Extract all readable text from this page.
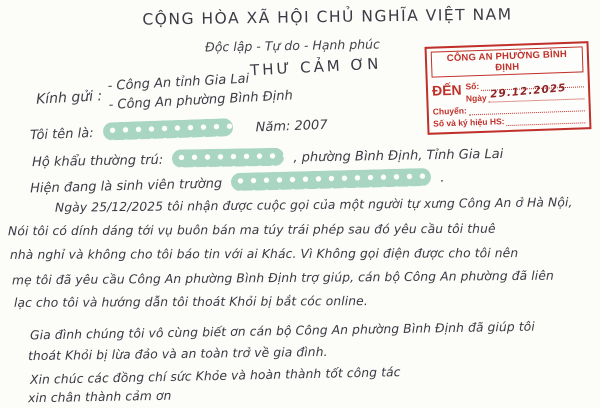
CỘNG HÒA XÃ HỘI CHỦ NGHĨA VIỆT NAM
Độc lập - Tự do - Hạnh phúc
CÔNG AN PHƯỜNG BÌNH ĐỊNH
ĐẾN Số:
Ngày 29.12.2025
Chuyển:
Số và ký hiệu HS:
THƯ CẢM ƠN
Kính gửi :
- Công An tỉnh Gia Lai
- Công An phường Bình Định
Tôi tên là:	Năm: 2007
Hộ khẩu thường trú:	, phường Bình Định, Tỉnh Gia Lai
Hiện đang là sinh viên trường	.
Ngày 25/12/2025 tôi nhận được cuộc gọi của một người tự xưng Công An ở Hà Nội,
Nói tôi có dính dáng tới vụ buôn bán ma túy trái phép sau đó yêu cầu tôi thuê
nhà nghỉ và không cho tôi báo tin với ai Khác. Vì Không gọi điện được cho tôi nên
mẹ tôi đã yêu cầu Công An phường Bình Định trợ giúp, cán bộ Công An phường đã liên
lạc cho tôi và hướng dẫn tôi thoát Khỏi bị bắt cóc online.
Gia đình chúng tôi vô cùng biết ơn cán bộ Công An phường Bình Định đã giúp tôi
thoát Khỏi bị lừa đảo và an toàn trở về gia đình.
Xin chúc các đồng chí sức Khỏe và hoàn thành tốt công tác
xin chân thành cảm ơn
